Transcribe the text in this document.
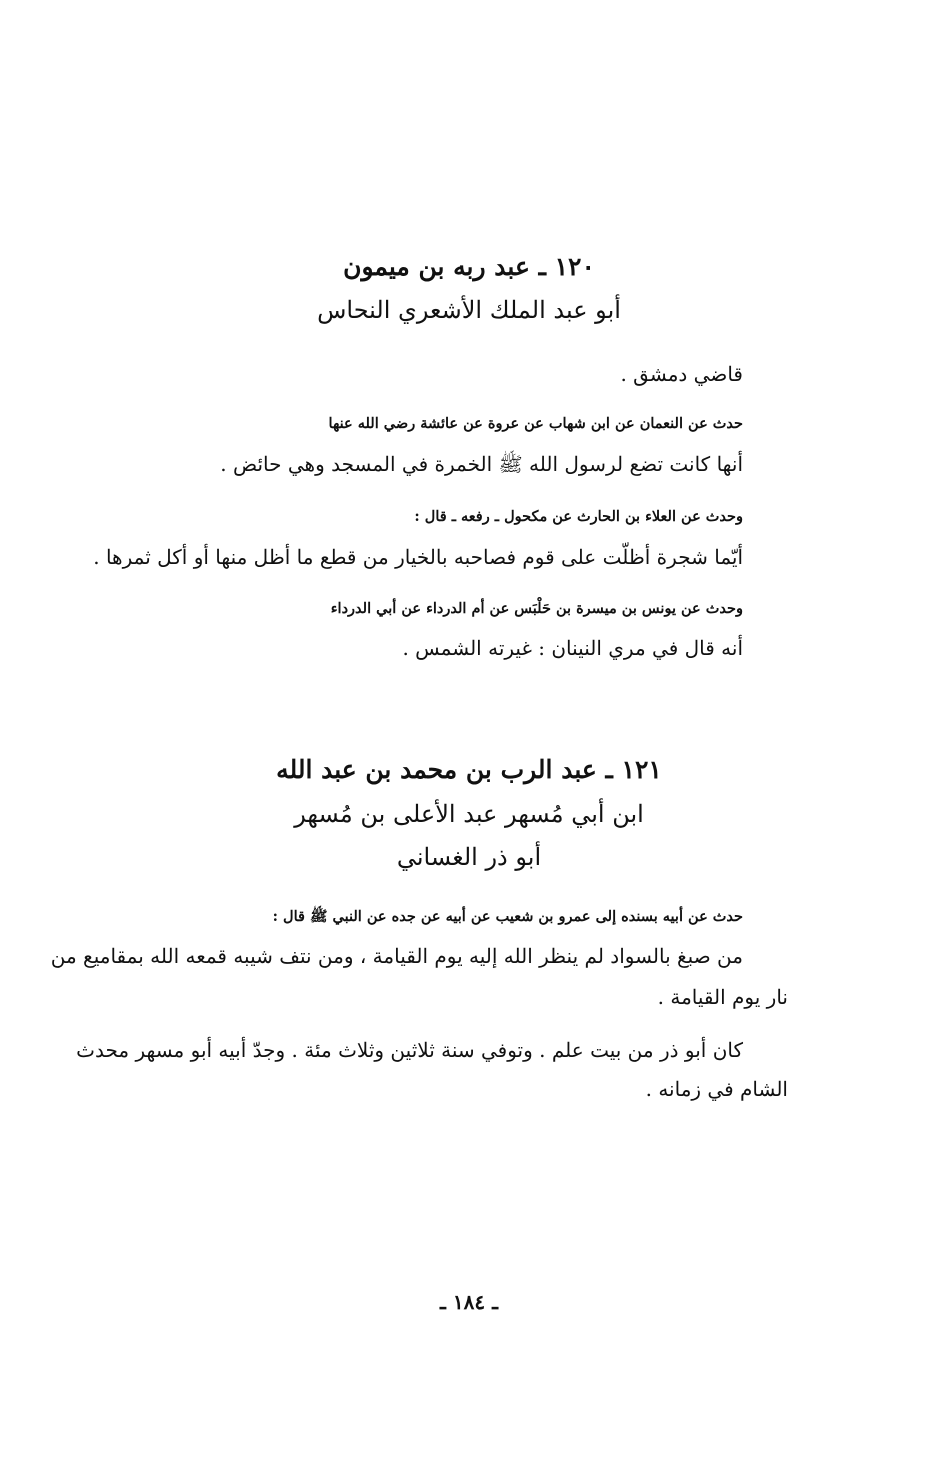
١٢٠ ـ عبد ربه بن ميمون
أبو عبد الملك الأشعري النحاس
قاضي دمشق .
حدث عن النعمان عن ابن شهاب عن عروة عن عائشة رضي الله عنها
أنها كانت تضع لرسول الله ﷺ الخمرة في المسجد وهي حائض .
وحدث عن العلاء بن الحارث عن مكحول ـ رفعه ـ قال :
أيّما شجرة أظلّت على قوم فصاحبه بالخيار من قطع ما أظل منها أو أكل ثمرها .
وحدث عن يونس بن ميسرة بن حَلْبَس عن أم الدرداء عن أبي الدرداء
أنه قال في مري النينان : غيرته الشمس .
١٢١ ـ عبد الرب بن محمد بن عبد الله
ابن أبي مُسهر عبد الأعلى بن مُسهر
أبو ذر الغساني
حدث عن أبيه بسنده إلى عمرو بن شعيب عن أبيه عن جده عن النبي ﷺ قال :
من صبغ بالسواد لم ينظر الله إليه يوم القيامة ، ومن نتف شيبه قمعه الله بمقاميع من
نار يوم القيامة .
كان أبو ذر من بيت علم . وتوفي سنة ثلاثين وثلاث مئة . وجدّ أبيه أبو مسهر محدث
الشام في زمانه .
ـ ١٨٤ ـ
